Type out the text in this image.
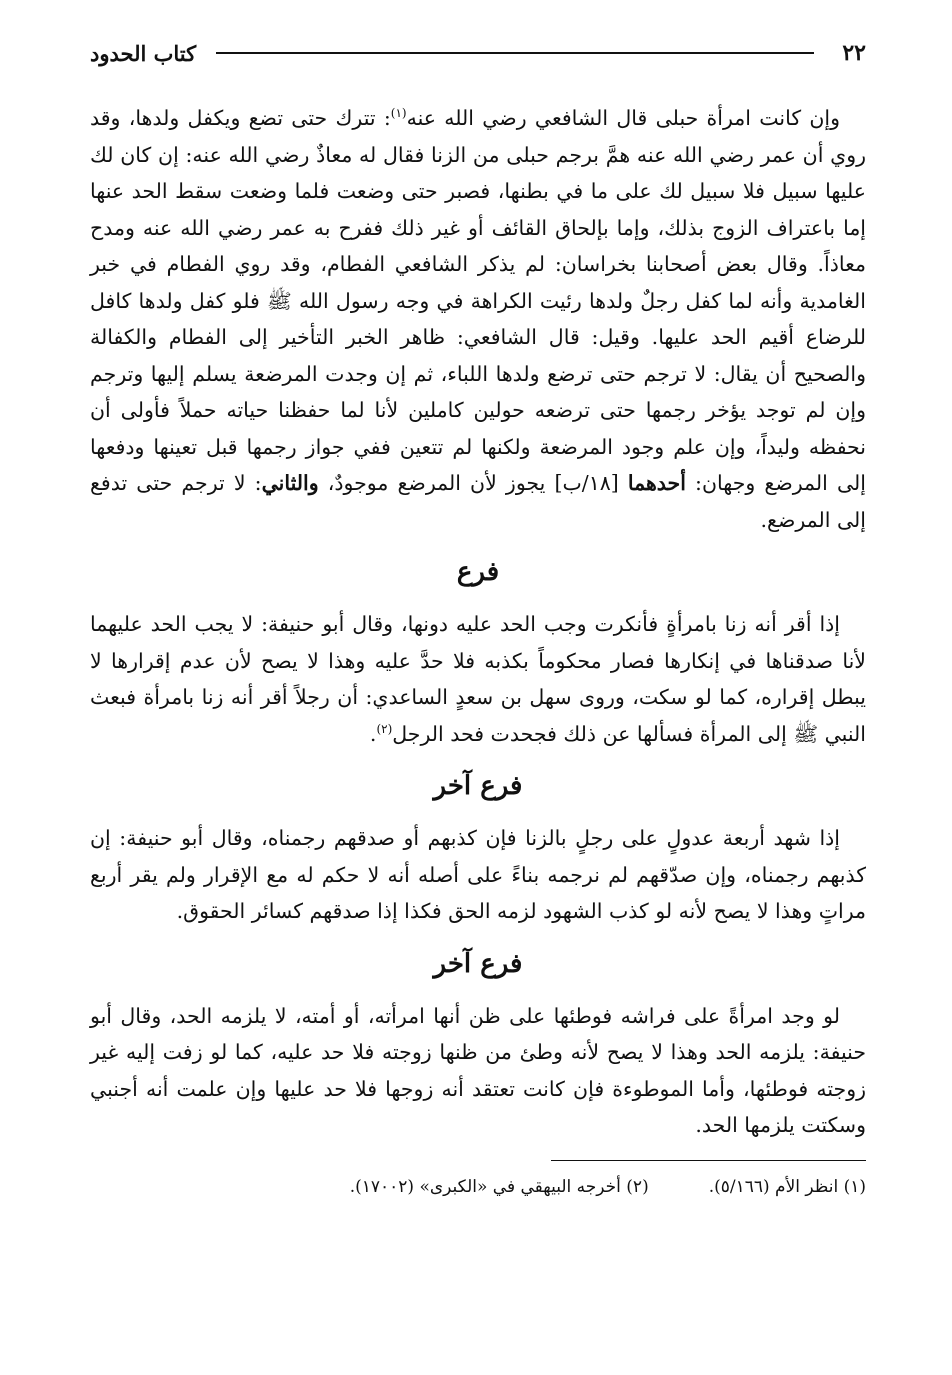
٢٢
كتاب الحدود

وإن كانت امرأة حبلى قال الشافعي رضي الله عنه$^{(١)}$: تترك حتى تضع ويكفل ولدها، وقد روي أن عمر رضي الله عنه همَّ برجم حبلى من الزنا فقال له معاذٌ رضي الله عنه: إن كان لك عليها سبيل فلا سبيل لك على ما في بطنها، فصبر حتى وضعت فلما وضعت سقط الحد عنها إما باعتراف الزوج بذلك، وإما بإلحاق القائف أو غير ذلك ففرح به عمر رضي الله عنه ومدح معاذاً. وقال بعض أصحابنا بخراسان: لم يذكر الشافعي الفطام، وقد روي الفطام في خبر الغامدية وأنه لما كفل رجلٌ ولدها رئيت الكراهة في وجه رسول الله ﷺ فلو كفل ولدها كافل للرضاع أقيم الحد عليها. وقيل: قال الشافعي: ظاهر الخبر التأخير إلى الفطام والكفالة والصحيح أن يقال: لا ترجم حتى ترضع ولدها اللباء، ثم إن وجدت المرضعة يسلم إليها وترجم وإن لم توجد يؤخر رجمها حتى ترضعه حولين كاملين لأنا لما حفظنا حياته حملاً فأولى أن نحفظه وليداً، وإن علم وجود المرضعة ولكنها لم تتعين ففي جواز رجمها قبل تعينها ودفعها إلى المرضع وجهان: أحدهما [١٨/ب] يجوز لأن المرضع موجودٌ، والثاني: لا ترجم حتى تدفع إلى المرضع.

فرع

إذا أقر أنه زنا بامرأةٍ فأنكرت وجب الحد عليه دونها، وقال أبو حنيفة: لا يجب الحد عليهما لأنا صدقناها في إنكارها فصار محكوماً بكذبه فلا حدَّ عليه وهذا لا يصح لأن عدم إقرارها لا يبطل إقراره، كما لو سكت، وروى سهل بن سعدٍ الساعدي: أن رجلاً أقر أنه زنا بامرأة فبعث النبي ﷺ إلى المرأة فسألها عن ذلك فجحدت فحد الرجل$^{(٢)}$.

فرع آخر

إذا شهد أربعة عدولٍ على رجلٍ بالزنا فإن كذبهم أو صدقهم رجمناه، وقال أبو حنيفة: إن كذبهم رجمناه، وإن صدّقهم لم نرجمه بناءً على أصله أنه لا حكم له مع الإقرار ولم يقر أربع مراتٍ وهذا لا يصح لأنه لو كذب الشهود لزمه الحق فكذا إذا صدقهم كسائر الحقوق.

فرع آخر

لو وجد امرأةً على فراشه فوطئها على ظن أنها امرأته، أو أمته، لا يلزمه الحد، وقال أبو حنيفة: يلزمه الحد وهذا لا يصح لأنه وطئ من ظنها زوجته فلا حد عليه، كما لو زفت إليه غير زوجته فوطئها، وأما الموطوءة فإن كانت تعتقد أنه زوجها فلا حد عليها وإن علمت أنه أجنبي وسكتت يلزمها الحد.

(١) انظر الأم (٥/١٦٦).
(٢) أخرجه البيهقي في «الكبرى» (١٧٠٠٢).
